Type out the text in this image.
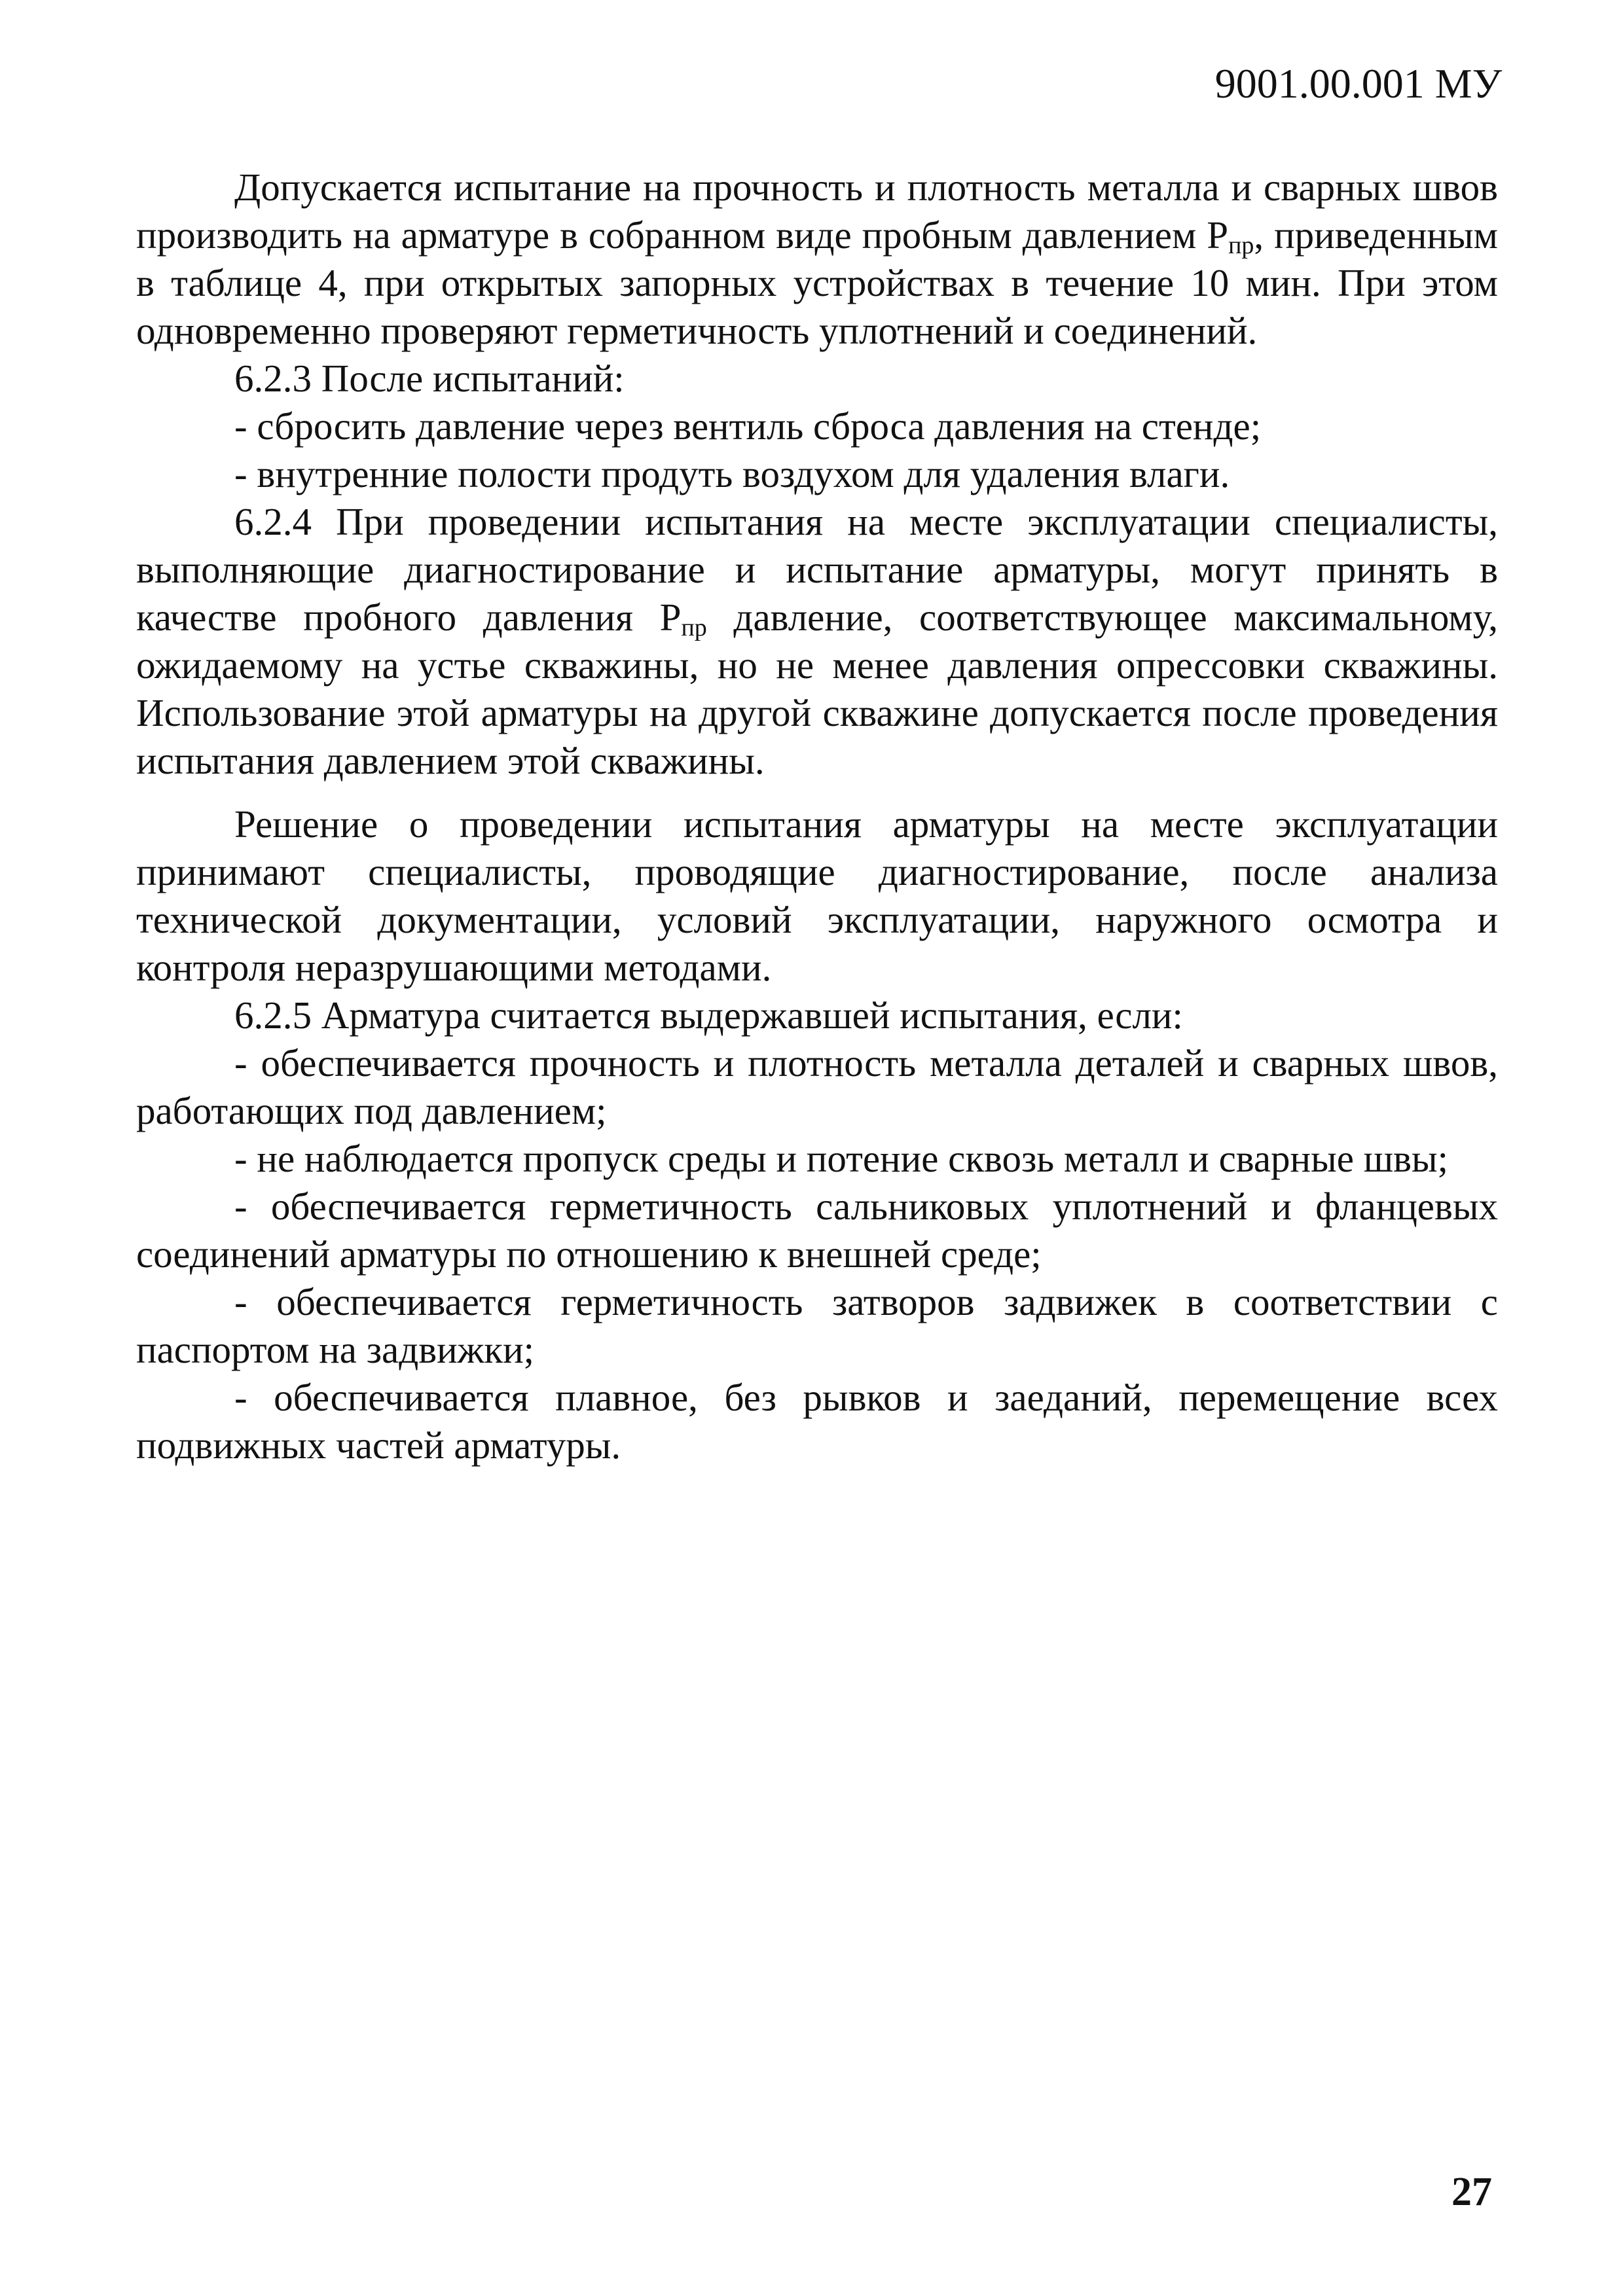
9001.00.001 МУ

Допускается испытание на прочность и плотность металла и сварных швов производить на арматуре в собранном виде пробным давлением $P_{пр}$, приведенным в таблице 4, при открытых запорных устройствах в течение 10 мин. При этом одновременно проверяют герметичность уплотнений и соединений.

6.2.3 После испытаний:

- сбросить давление через вентиль сброса давления на стенде;

- внутренние полости продуть воздухом для удаления влаги.

6.2.4 При проведении испытания на месте эксплуатации специалисты, выполняющие диагностирование и испытание арматуры, могут принять в качестве пробного давления $P_{пр}$ давление, соответствующее максимальному, ожидаемому на устье скважины, но не менее давления опрессовки скважины. Использование этой арматуры на другой скважине допускается после проведения испытания давлением этой скважины.

Решение о проведении испытания арматуры на месте эксплуатации принимают специалисты, проводящие диагностирование, после анализа технической документации, условий эксплуатации, наружного осмотра и контроля неразрушающими методами.

6.2.5 Арматура считается выдержавшей испытания, если:

- обеспечивается прочность и плотность металла деталей и сварных швов, работающих под давлением;

- не наблюдается пропуск среды и потение сквозь металл и сварные швы;

- обеспечивается герметичность сальниковых уплотнений и фланцевых соединений арматуры по отношению к внешней среде;

- обеспечивается герметичность затворов задвижек в соответствии с паспортом на задвижки;

- обеспечивается плавное, без рывков и заеданий, перемещение всех подвижных частей арматуры.

27
